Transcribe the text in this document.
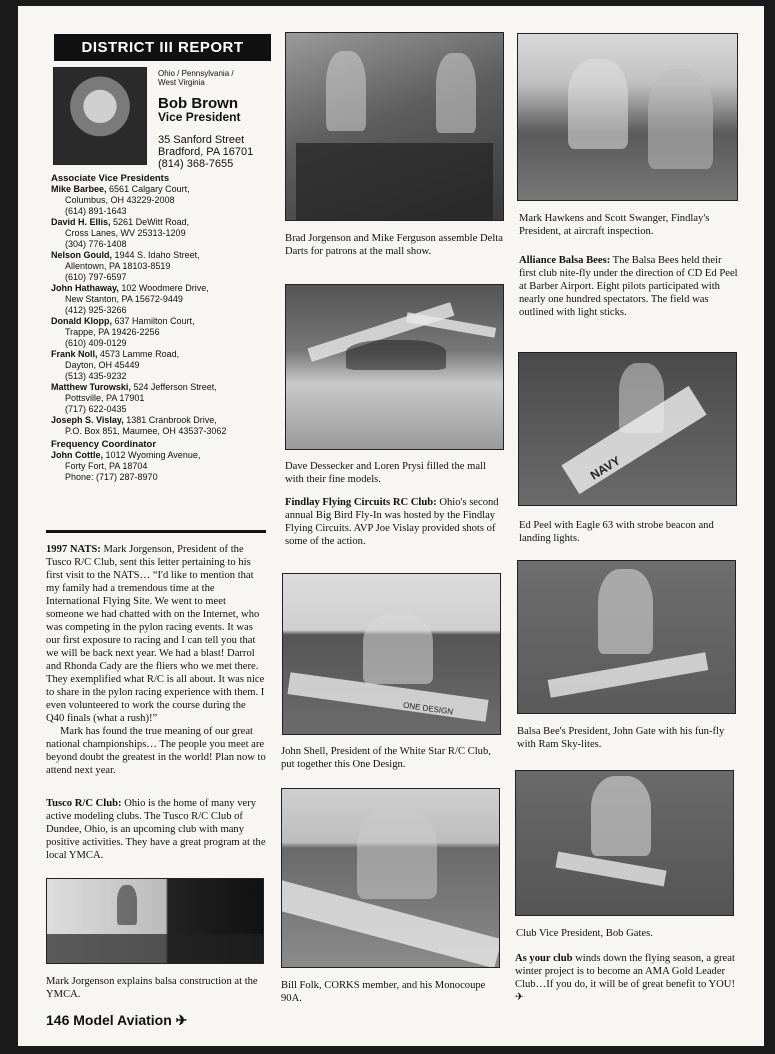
DISTRICT III REPORT
Ohio / Pennsylvania /
West Virginia
Bob Brown
Vice President
35 Sanford Street
Bradford, PA 16701
(814) 368-7655
Associate Vice Presidents
Mike Barbee, 6561 Calgary Court,
Columbus, OH 43229-2008
(614) 891-1643
David H. Ellis, 5261 DeWitt Road,
Cross Lanes, WV 25313-1209
(304) 776-1408
Nelson Gould, 1944 S. Idaho Street,
Allentown, PA 18103-8519
(610) 797-6597
John Hathaway, 102 Woodmere Drive,
New Stanton, PA 15672-9449
(412) 925-3266
Donald Klopp, 637 Hamilton Court,
Trappe, PA 19426-2256
(610) 409-0129
Frank Noll, 4573 Lamme Road,
Dayton, OH 45449
(513) 435-9232
Matthew Turowski, 524 Jefferson Street,
Pottsville, PA 17901
(717) 622-0435
Joseph S. Vislay, 1381 Cranbrook Drive,
P.O. Box 851, Maumee, OH 43537-3062
Frequency Coordinator
John Cottle, 1012 Wyoming Avenue,
Forty Fort, PA 18704
Phone: (717) 287-8970

1997 NATS: Mark Jorgenson, President of the Tusco R/C Club, sent this letter pertaining to his first visit to the NATS… “I'd like to mention that my family had a tremendous time at the International Flying Site. We went to meet someone we had chatted with on the Internet, who was competing in the pylon racing events. It was our first exposure to racing and I can tell you that we will be back next year. We had a blast! Darrol and Rhonda Cady are the fliers who we met there. They exemplified what R/C is all about. It was nice to share in the pylon racing experience with them. I even volunteered to work the course during the Q40 finals (what a rush)!”

Mark has found the true meaning of our great national championships… The people you meet are beyond doubt the greatest in the world! Plan now to attend next year.

Tusco R/C Club: Ohio is the home of many very active modeling clubs. The Tusco R/C Club of Dundee, Ohio, is an upcoming club with many positive activities. They have a great program at the local YMCA.
Mark Jorgenson explains balsa construction at the YMCA.
Brad Jorgenson and Mike Ferguson assemble Delta Darts for patrons at the mall show.
Dave Dessecker and Loren Prysi filled the mall with their fine models.
Findlay Flying Circuits RC Club: Ohio's second annual Big Bird Fly-In was hosted by the Findlay Flying Circuits. AVP Joe Vislay provided shots of some of the action.
ONE DESIGN
John Shell, President of the White Star R/C Club, put together this One Design.
Bill Folk, CORKS member, and his Monocoupe 90A.
Mark Hawkens and Scott Swanger, Findlay's President, at aircraft inspection.
Alliance Balsa Bees: The Balsa Bees held their first club nite-fly under the direction of CD Ed Peel at Barber Airport. Eight pilots participated with nearly one hundred spectators. The field was outlined with light sticks.
NAVY
Ed Peel with Eagle 63 with strobe beacon and landing lights.
Balsa Bee's President, John Gate with his fun-fly with Ram Sky-lites.
Club Vice President, Bob Gates.
As your club winds down the flying season, a great winter project is to become an AMA Gold Leader Club…If you do, it will be of great benefit to YOU! ✈
146 Model Aviation ✈
